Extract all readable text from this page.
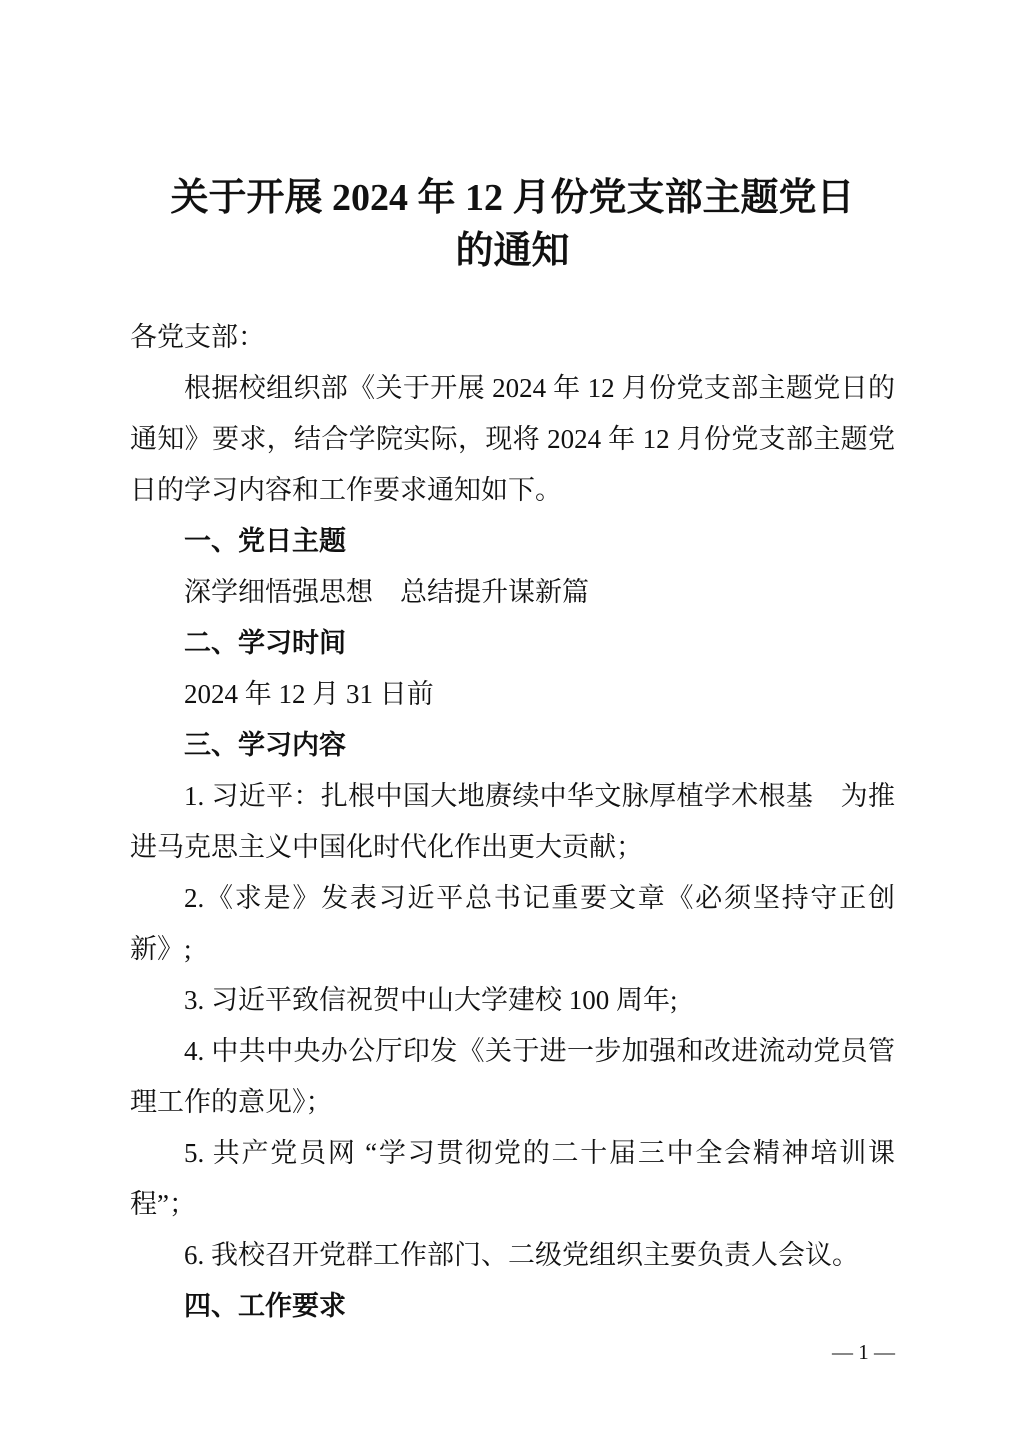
关于开展 2024 年 12 月份党支部主题党日
的通知

各党支部：

根据校组织部《关于开展 2024 年 12 月份党支部主题党日的通知》要求，结合学院实际，现将 2024 年 12 月份党支部主题党日的学习内容和工作要求通知如下。

一、党日主题

深学细悟强思想　总结提升谋新篇

二、学习时间

2024 年 12 月 31 日前

三、学习内容

1. 习近平：扎根中国大地赓续中华文脉厚植学术根基　为推进马克思主义中国化时代化作出更大贡献；

2.《求是》发表习近平总书记重要文章《必须坚持守正创新》;

3. 习近平致信祝贺中山大学建校 100 周年;

4. 中共中央办公厅印发《关于进一步加强和改进流动党员管理工作的意见》；

5. 共产党员网 “学习贯彻党的二十届三中全会精神培训课程”；

6. 我校召开党群工作部门、二级党组织主要负责人会议。

四、工作要求

— 1 —
